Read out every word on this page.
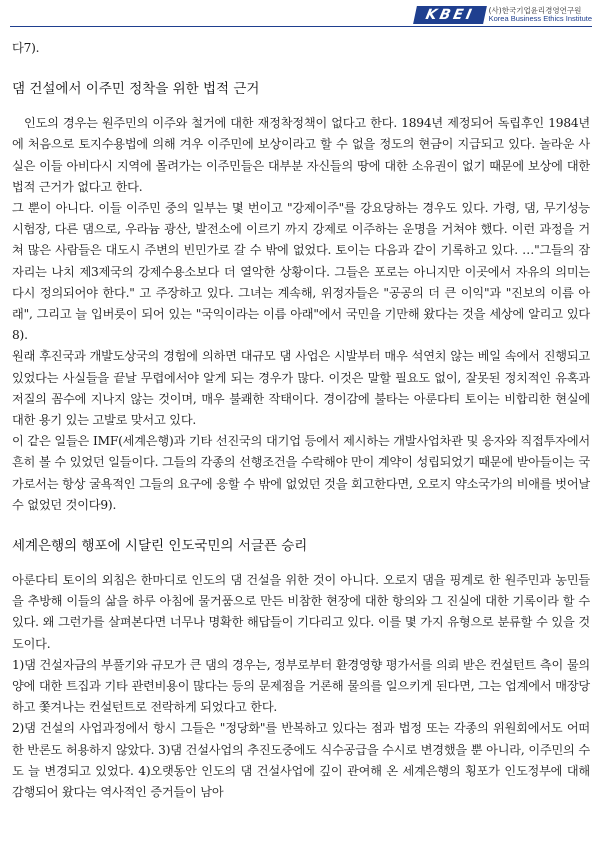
KBEI	(사)한국기업윤리경영연구원
Korea Business Ethics Institute

다7).

댐 건설에서 이주민 정착을 위한 법적 근거

인도의 경우는 원주민의 이주와 철거에 대한 재정착정책이 없다고 한다. 1894년 제정되어 독립후인 1984년에 처음으로 토지수용법에 의해 겨우 이주민에 보상이라고 할 수 없을 정도의 현금이 지급되고 있다. 놀라운 사실은 이들 아비다시 지역에 몰려가는 이주민들은 대부분 자신들의 땅에 대한 소유권이 없기 때문에 보상에 대한 법적 근거가 없다고 한다.

그 뿐이 아니다. 이들 이주민 중의 일부는 몇 번이고 "강제이주"를 강요당하는 경우도 있다. 가령, 댐, 무기성능 시험장, 다른 댐으로, 우라늄 광산, 발전소에 이르기 까지 강제로 이주하는 운명을 거쳐야 했다. 이런 과정을 거쳐 많은 사람들은 대도시 주변의 빈민가로 갈 수 밖에 없었다. 토이는 다음과 같이 기록하고 있다. …"그들의 잠자리는 나치 제3제국의 강제수용소보다 더 열악한 상황이다. 그들은 포로는 아니지만 이곳에서 자유의 의미는 다시 정의되어야 한다." 고 주장하고 있다. 그녀는 계속해, 위정자들은 "공공의 더 큰 이익"과 "진보의 이름 아래", 그리고 늘 입버릇이 되어 있는 "국익이라는 이름 아래"에서 국민을 기만해 왔다는 것을 세상에 알리고 있다8).

원래 후진국과 개발도상국의 경험에 의하면 대규모 댐 사업은 시발부터 매우 석연치 않는 베일 속에서 진행되고 있었다는 사실들을 끝날 무렵에서야 알게 되는 경우가 많다. 이것은 말할 필요도 없이, 잘못된 정치적인 유혹과 저질의 꼼수에 지나지 않는 것이며, 매우 불쾌한 작태이다. 경이감에 불타는 아룬다티 토이는 비합리한 현실에 대한 용기 있는 고발로 맞서고 있다.

이 같은 일들은 IMF(세계은행)과 기타 선진국의 대기업 등에서 제시하는 개발사업차관 및 응자와 직접투자에서 흔히 볼 수 있었던 일들이다. 그들의 각종의 선행조건을 수락해야 만이 계약이 성립되었기 때문에 받아들이는 국가로서는 항상 굴욕적인 그들의 요구에 응할 수 밖에 없었던 것을 회고한다면, 오로지 약소국가의 비애를 벗어날 수 없었던 것이다9).

세계은행의 행포에 시달린 인도국민의 서글픈 승리

아룬다티 토이의 외침은 한마디로 인도의 댐 건설을 위한 것이 아니다. 오로지 댐을 핑계로 한 원주민과 농민들을 추방해 이들의 삶을 하루 아침에 물거품으로 만든 비참한 현장에 대한 항의와 그 진실에 대한 기록이라 할 수 있다. 왜 그런가를 살펴본다면 너무나 명확한 해답들이 기다리고 있다. 이를 몇 가지 유형으로 분류할 수 있을 것도이다.

1)댐 건설자금의 부풀기와 규모가 큰 댐의 경우는, 정부로부터 환경영향 평가서를 의뢰 받은 컨설턴트 측이 물의 양에 대한 트집과 기타 관련비용이 많다는 등의 문제점을 거론해 물의를 일으키게 된다면, 그는 업계에서 매장당하고 쫓겨나는 컨설턴트로 전락하게 되었다고 한다.

2)댐 건설의 사업과정에서 항시 그들은 "정당화"를 반복하고 있다는 점과 법정 또는 각종의 위원회에서도 어떠한 반론도 허용하지 않았다. 3)댐 건설사업의 추진도중에도 식수공급을 수시로 변경했을 뿐 아니라, 이주민의 수도 늘 변경되고 있었다. 4)오랫동안 인도의 댐 건설사업에 깊이 관여해 온 세계은행의 횡포가 인도정부에 대해 감행되어 왔다는 역사적인 증거들이 남아
